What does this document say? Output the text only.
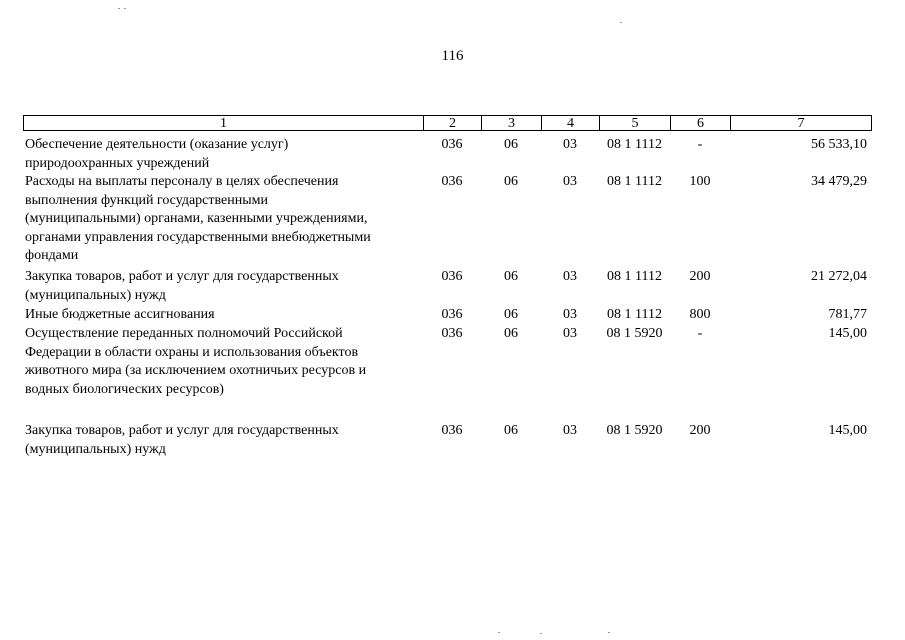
116
1	2	3	4	5	6	7
Обеспечение деятельности (оказание услуг)
природоохранных учреждений
036	06	03	08 1 1112	-	56 533,10
Расходы на выплаты персоналу в целях обеспечения
выполнения функций государственными
(муниципальными) органами, казенными учреждениями,
органами управления государственными внебюджетными
фондами
036	06	03	08 1 1112	100	34 479,29
Закупка товаров, работ и услуг для государственных
(муниципальных) нужд
036	06	03	08 1 1112	200	21 272,04
Иные бюджетные ассигнования	036	06	03	08 1 1112	800	781,77
Осуществление переданных полномочий Российской
Федерации в области охраны и использования объектов
животного мира (за исключением охотничьих ресурсов и
водных биологических ресурсов)
036	06	03	08 1 5920	-	145,00
Закупка товаров, работ и услуг для государственных
(муниципальных) нужд
036	06	03	08 1 5920	200	145,00
